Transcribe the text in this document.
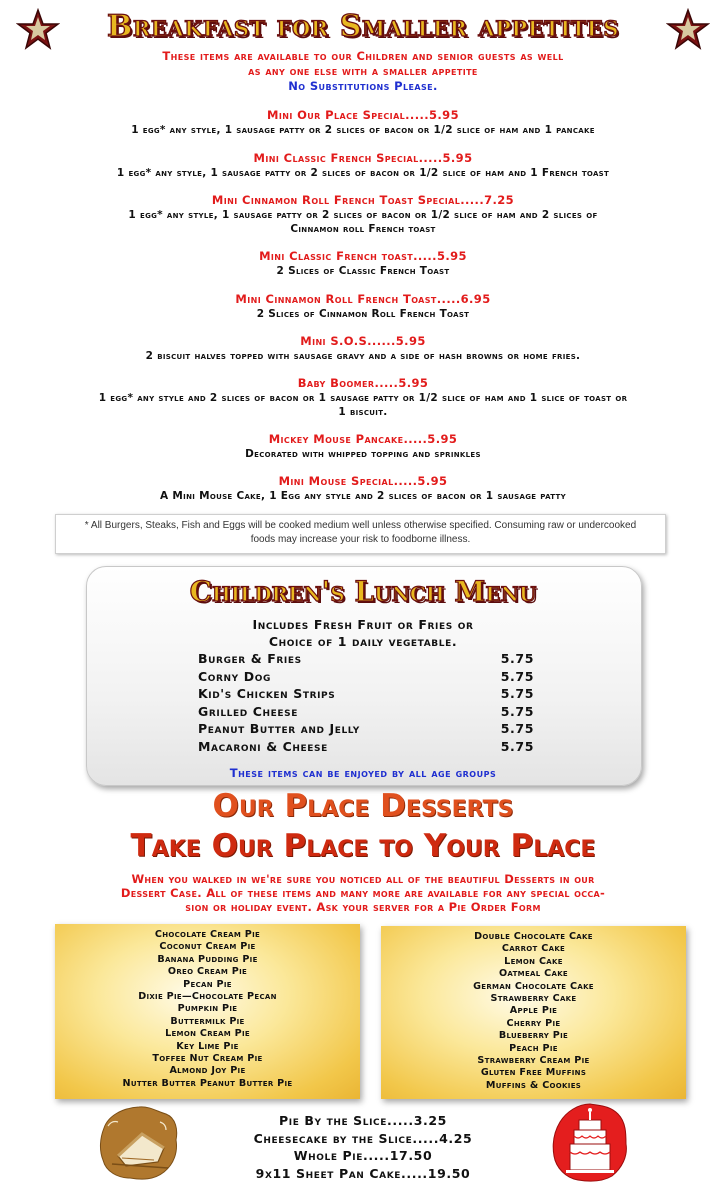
Breakfast for Smaller appetites
These items are available to our Children and senior guests as well
as any one else with a smaller appetite
No Substitutions Please.
Mini Our Place Special.....5.95
1 egg* any style, 1 sausage patty or 2 slices of bacon or 1/2 slice of ham and 1 pancake
Mini Classic French Special.....5.95
1 egg* any style, 1 sausage patty or 2 slices of bacon or 1/2 slice of ham and 1 French toast
Mini Cinnamon Roll French Toast Special.....7.25
1 egg* any style, 1 sausage patty or 2 slices of bacon or 1/2 slice of ham and 2 slices of
Cinnamon roll French toast
Mini Classic French toast.....5.95
2 Slices of Classic French Toast
Mini Cinnamon Roll French Toast.....6.95
2 Slices of Cinnamon Roll French Toast
Mini S.O.S......5.95
2 biscuit halves topped with sausage gravy and a side of hash browns or home fries.
Baby Boomer.....5.95
1 egg* any style and 2 slices of bacon or 1 sausage patty or 1/2 slice of ham and 1 slice of toast or
1 biscuit.
Mickey Mouse Pancake.....5.95
Decorated with whipped topping and sprinkles
Mini Mouse Special.....5.95
A Mini Mouse Cake, 1 Egg any style and 2 slices of bacon or 1 sausage patty
* All Burgers, Steaks, Fish and Eggs will be cooked medium well unless otherwise specified. Consuming raw or undercooked
foods may increase your risk to foodborne illness.
Children's Lunch Menu
Includes Fresh Fruit or Fries or
Choice of 1 daily vegetable.
Burger & Fries	5.75
Corny Dog	5.75
Kid's Chicken Strips	5.75
Grilled Cheese	5.75
Peanut Butter and Jelly	5.75
Macaroni & Cheese	5.75
These items can be enjoyed by all age groups
Our Place Desserts
Take Our Place to Your Place
When you walked in we're sure you noticed all of the beautiful Desserts in our
Dessert Case. All of these items and many more are available for any special occa-
sion or holiday event. Ask your server for a Pie Order Form
Chocolate Cream Pie
Coconut Cream Pie
Banana Pudding Pie
Oreo Cream Pie
Pecan Pie
Dixie Pie—Chocolate Pecan
Pumpkin Pie
Buttermilk Pie
Lemon Cream Pie
Key Lime Pie
Toffee Nut Cream Pie
Almond Joy Pie
Nutter Butter Peanut Butter Pie
Double Chocolate Cake
Carrot Cake
Lemon Cake
Oatmeal Cake
German Chocolate Cake
Strawberry Cake
Apple Pie
Cherry Pie
Blueberry Pie
Peach Pie
Strawberry Cream Pie
Gluten Free Muffins
Muffins & Cookies
Pie By the Slice.....3.25
Cheesecake by the Slice.....4.25
Whole Pie.....17.50
9x11 Sheet Pan Cake.....19.50
